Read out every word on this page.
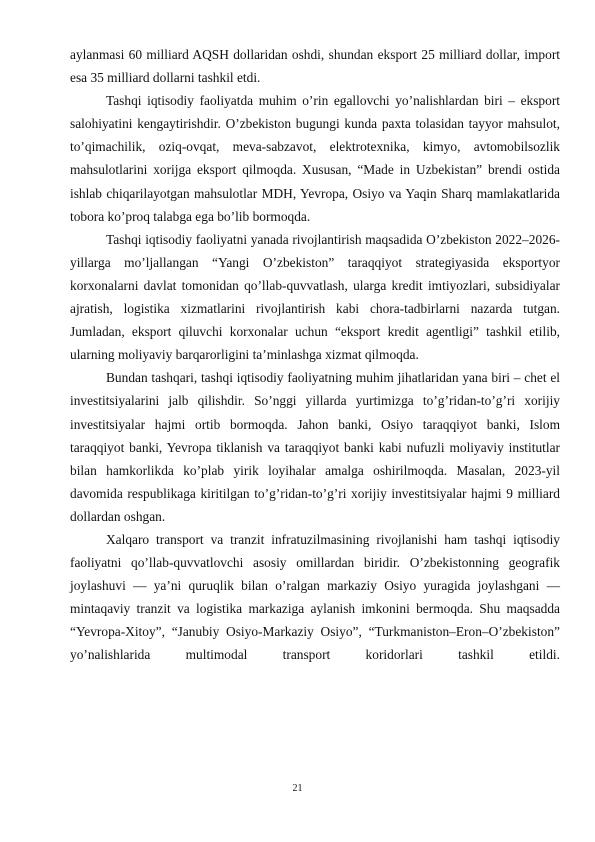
aylanmasi 60 milliard AQSH dollaridan oshdi, shundan eksport 25 milliard dollar, import esa 35 milliard dollarni tashkil etdi.

Tashqi iqtisodiy faoliyatda muhim o’rin egallovchi yo’nalishlardan biri – eksport salohiyatini kengaytirishdir. O’zbekiston bugungi kunda paxta tolasidan tayyor mahsulot, to’qimachilik, oziq-ovqat, meva-sabzavot, elektrotexnika, kimyo, avtomobilsozlik mahsulotlarini xorijga eksport qilmoqda. Xususan, “Made in Uzbekistan” brendi ostida ishlab chiqarilayotgan mahsulotlar MDH, Yevropa, Osiyo va Yaqin Sharq mamlakatlarida tobora ko’proq talabga ega bo’lib bormoqda.

Tashqi iqtisodiy faoliyatni yanada rivojlantirish maqsadida O’zbekiston 2022–2026-yillarga mo’ljallangan “Yangi O’zbekiston” taraqqiyot strategiyasida eksportyor korxonalarni davlat tomonidan qo’llab-quvvatlash, ularga kredit imtiyozlari, subsidiyalar ajratish, logistika xizmatlarini rivojlantirish kabi chora-tadbirlarni nazarda tutgan. Jumladan, eksport qiluvchi korxonalar uchun “eksport kredit agentligi” tashkil etilib, ularning moliyaviy barqarorligini ta’minlashga xizmat qilmoqda.

Bundan tashqari, tashqi iqtisodiy faoliyatning muhim jihatlaridan yana biri – chet el investitsiyalarini jalb qilishdir. So’nggi yillarda yurtimizga to’g’ridan-to’g’ri xorijiy investitsiyalar hajmi ortib bormoqda. Jahon banki, Osiyo taraqqiyot banki, Islom taraqqiyot banki, Yevropa tiklanish va taraqqiyot banki kabi nufuzli moliyaviy institutlar bilan hamkorlikda ko’plab yirik loyihalar amalga oshirilmoqda. Masalan, 2023-yil davomida respublikaga kiritilgan to’g’ridan-to’g’ri xorijiy investitsiyalar hajmi 9 milliard dollardan oshgan.

Xalqaro transport va tranzit infratuzilmasining rivojlanishi ham tashqi iqtisodiy faoliyatni qo’llab-quvvatlovchi asosiy omillardan biridir. O’zbekistonning geografik joylashuvi — ya’ni quruqlik bilan o’ralgan markaziy Osiyo yuragida joylashgani — mintaqaviy tranzit va logistika markaziga aylanish imkonini bermoqda. Shu maqsadda “Yevropa-Xitoy”, “Janubiy Osiyo-Markaziy Osiyo”, “Turkmaniston–Eron–O’zbekiston” yo’nalishlarida multimodal transport koridorlari tashkil etildi.

21
